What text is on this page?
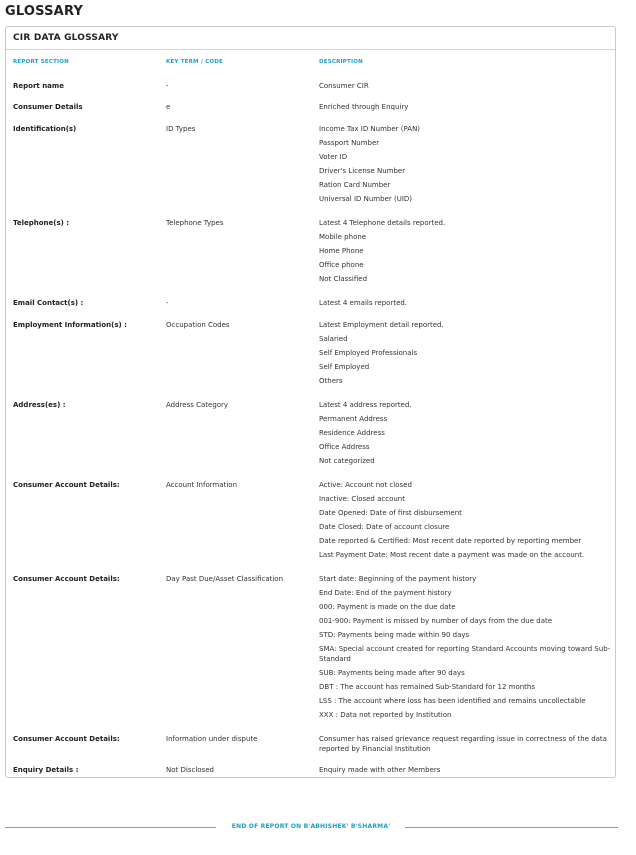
GLOSSARY
CIR DATA GLOSSARY
REPORT SECTION	KEY TERM / CODE	DESCRIPTION
Report name	-	Consumer CIR
Consumer Details	e	Enriched through Enquiry
Identification(s)	ID Types	Income Tax ID Number (PAN)
Passport Number
Voter ID
Driver's License Number
Ration Card Number
Universal ID Number (UID)
Telephone(s) :	Telephone Types	Latest 4 Telephone details reported.
Mobile phone
Home Phone
Office phone
Not Classified
Email Contact(s) :	-	Latest 4 emails reported.
Employment Information(s) :	Occupation Codes	Latest Employment detail reported.
Salaried
Self Employed Professionals
Self Employed
Others
Address(es) :	Address Category	Latest 4 address reported.
Permanent Address
Residence Address
Office Address
Not categorized
Consumer Account Details:	Account Information	Active: Account not closed
Inactive: Closed account
Date Opened: Date of first disbursement
Date Closed: Date of account closure
Date reported & Certified: Most recent date reported by reporting member
Last Payment Date: Most recent date a payment was made on the account.
Consumer Account Details:	Day Past Due/Asset Classification	Start date: Beginning of the payment history
End Date: End of the payment history
000: Payment is made on the due date
001-900: Payment is missed by number of days from the due date
STD: Payments being made within 90 days
SMA: Special account created for reporting Standard Accounts moving toward Sub-Standard
SUB: Payments being made after 90 days
DBT : The account has remained Sub-Standard for 12 months
LSS : The account where loss has been identified and remains uncollectable
XXX : Data not reported by Institution
Consumer Account Details:	Information under dispute	Consumer has raised grievance request regarding issue in correctness of the data reported by Financial Institution
Enquiry Details :	Not Disclosed	Enquiry made with other Members
END OF REPORT ON B'ABHISHEK' B'SHARMA'
